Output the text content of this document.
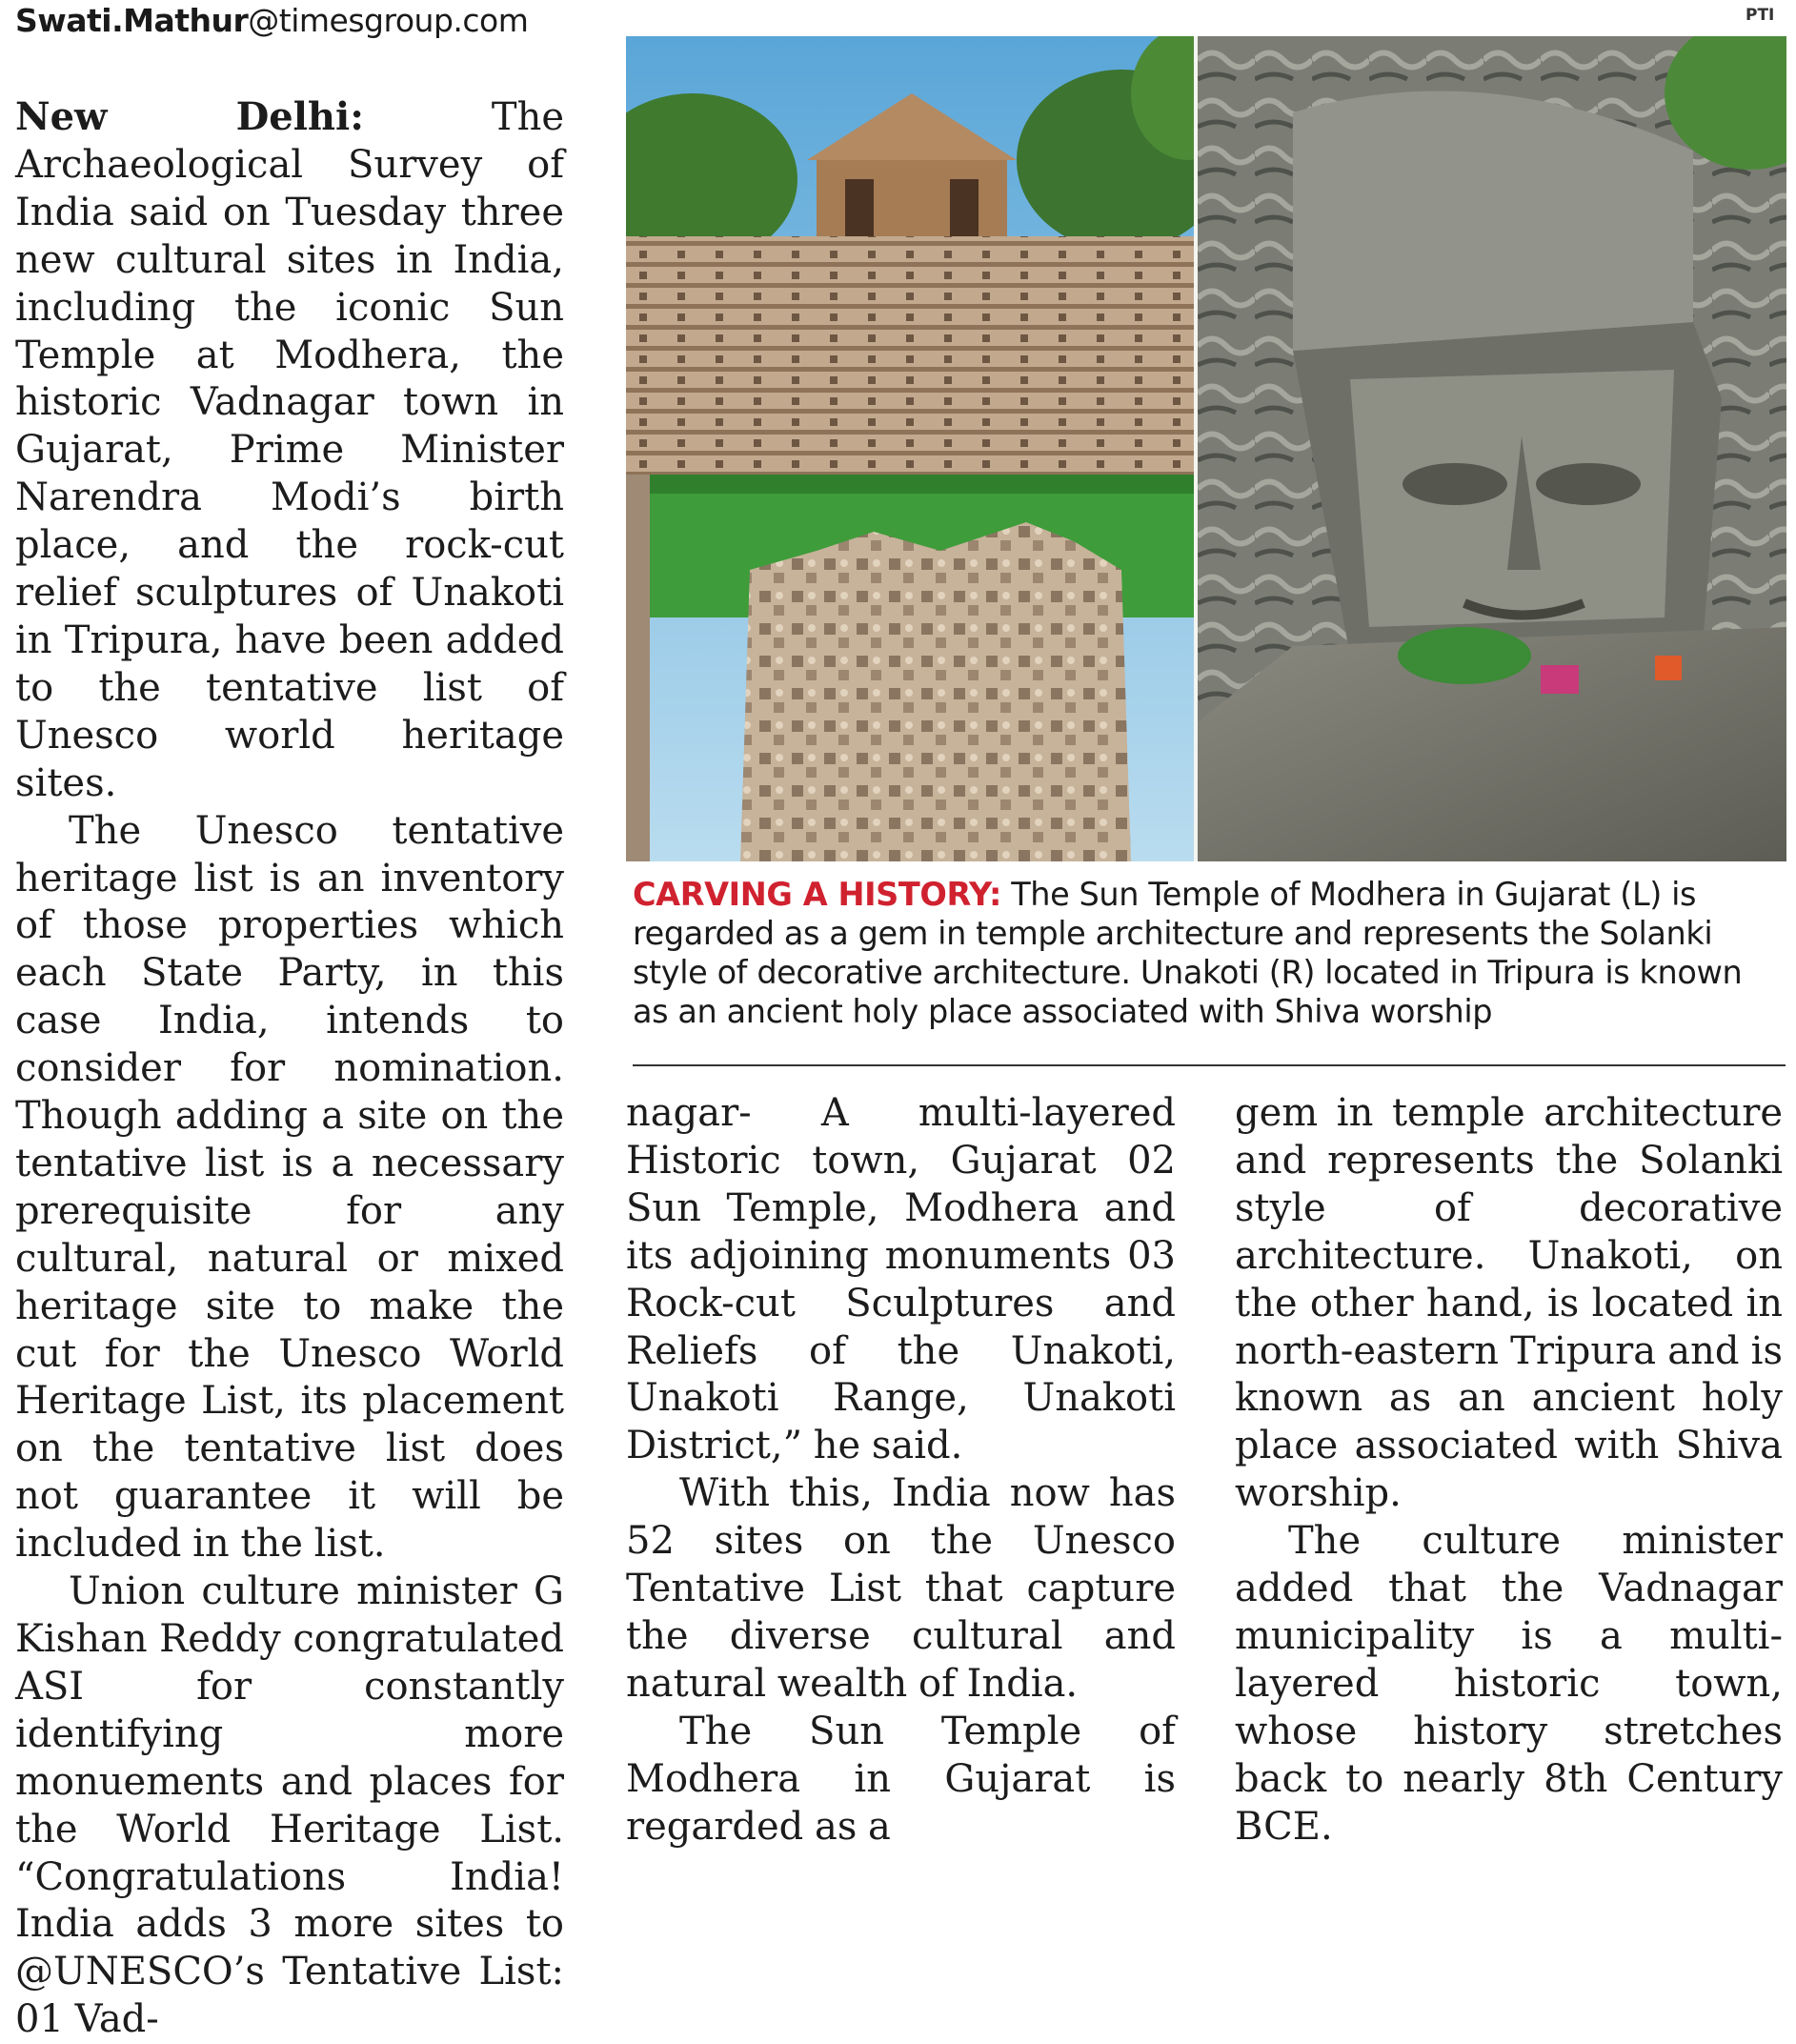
Swati.Mathur@timesgroup.com	PTI

New Delhi: The Archaeological Survey of India said on Tuesday three new cultural sites in India, including the iconic Sun Temple at Modhera, the historic Vadnagar town in Gujarat, Prime Minister Narendra Modi’s birth place, and the rock-cut relief sculptures of Unakoti in Tripura, have been added to the tentative list of Unesco world heritage sites.

The Unesco tentative heritage list is an inventory of those properties which each State Party, in this case India, intends to consider for nomination. Though adding a site on the tentative list is a necessary prerequisite for any cultural, natural or mixed heritage site to make the cut for the Unesco World Heritage List, its placement on the tentative list does not guarantee it will be included in the list.

Union culture minister G Kishan Reddy congratulated ASI for constantly identifying more monuements and places for the World Heritage List. “Congratulations India! India adds 3 more sites to @UNESCO’s Tentative List: 01 Vad-

CARVING A HISTORY: The Sun Temple of Modhera in Gujarat (L) is regarded as a gem in temple architecture and represents the Solanki style of decorative architecture. Unakoti (R) located in Tripura is known as an ancient holy place associated with Shiva worship

nagar- A multi-layered Historic town, Gujarat 02 Sun Temple, Modhera and its adjoining monuments 03 Rock-cut Sculptures and Reliefs of the Unakoti, Unakoti Range, Unakoti District,” he said.

With this, India now has 52 sites on the Unesco Tentative List that capture the diverse cultural and natural wealth of India.

The Sun Temple of Modhera in Gujarat is regarded as a

gem in temple architecture and represents the Solanki style of decorative architecture. Unakoti, on the other hand, is located in north-eastern Tripura and is known as an ancient holy place associated with Shiva worship.

The culture minister added that the Vadnagar municipality is a multi-layered historic town, whose history stretches back to nearly 8th Century BCE.
